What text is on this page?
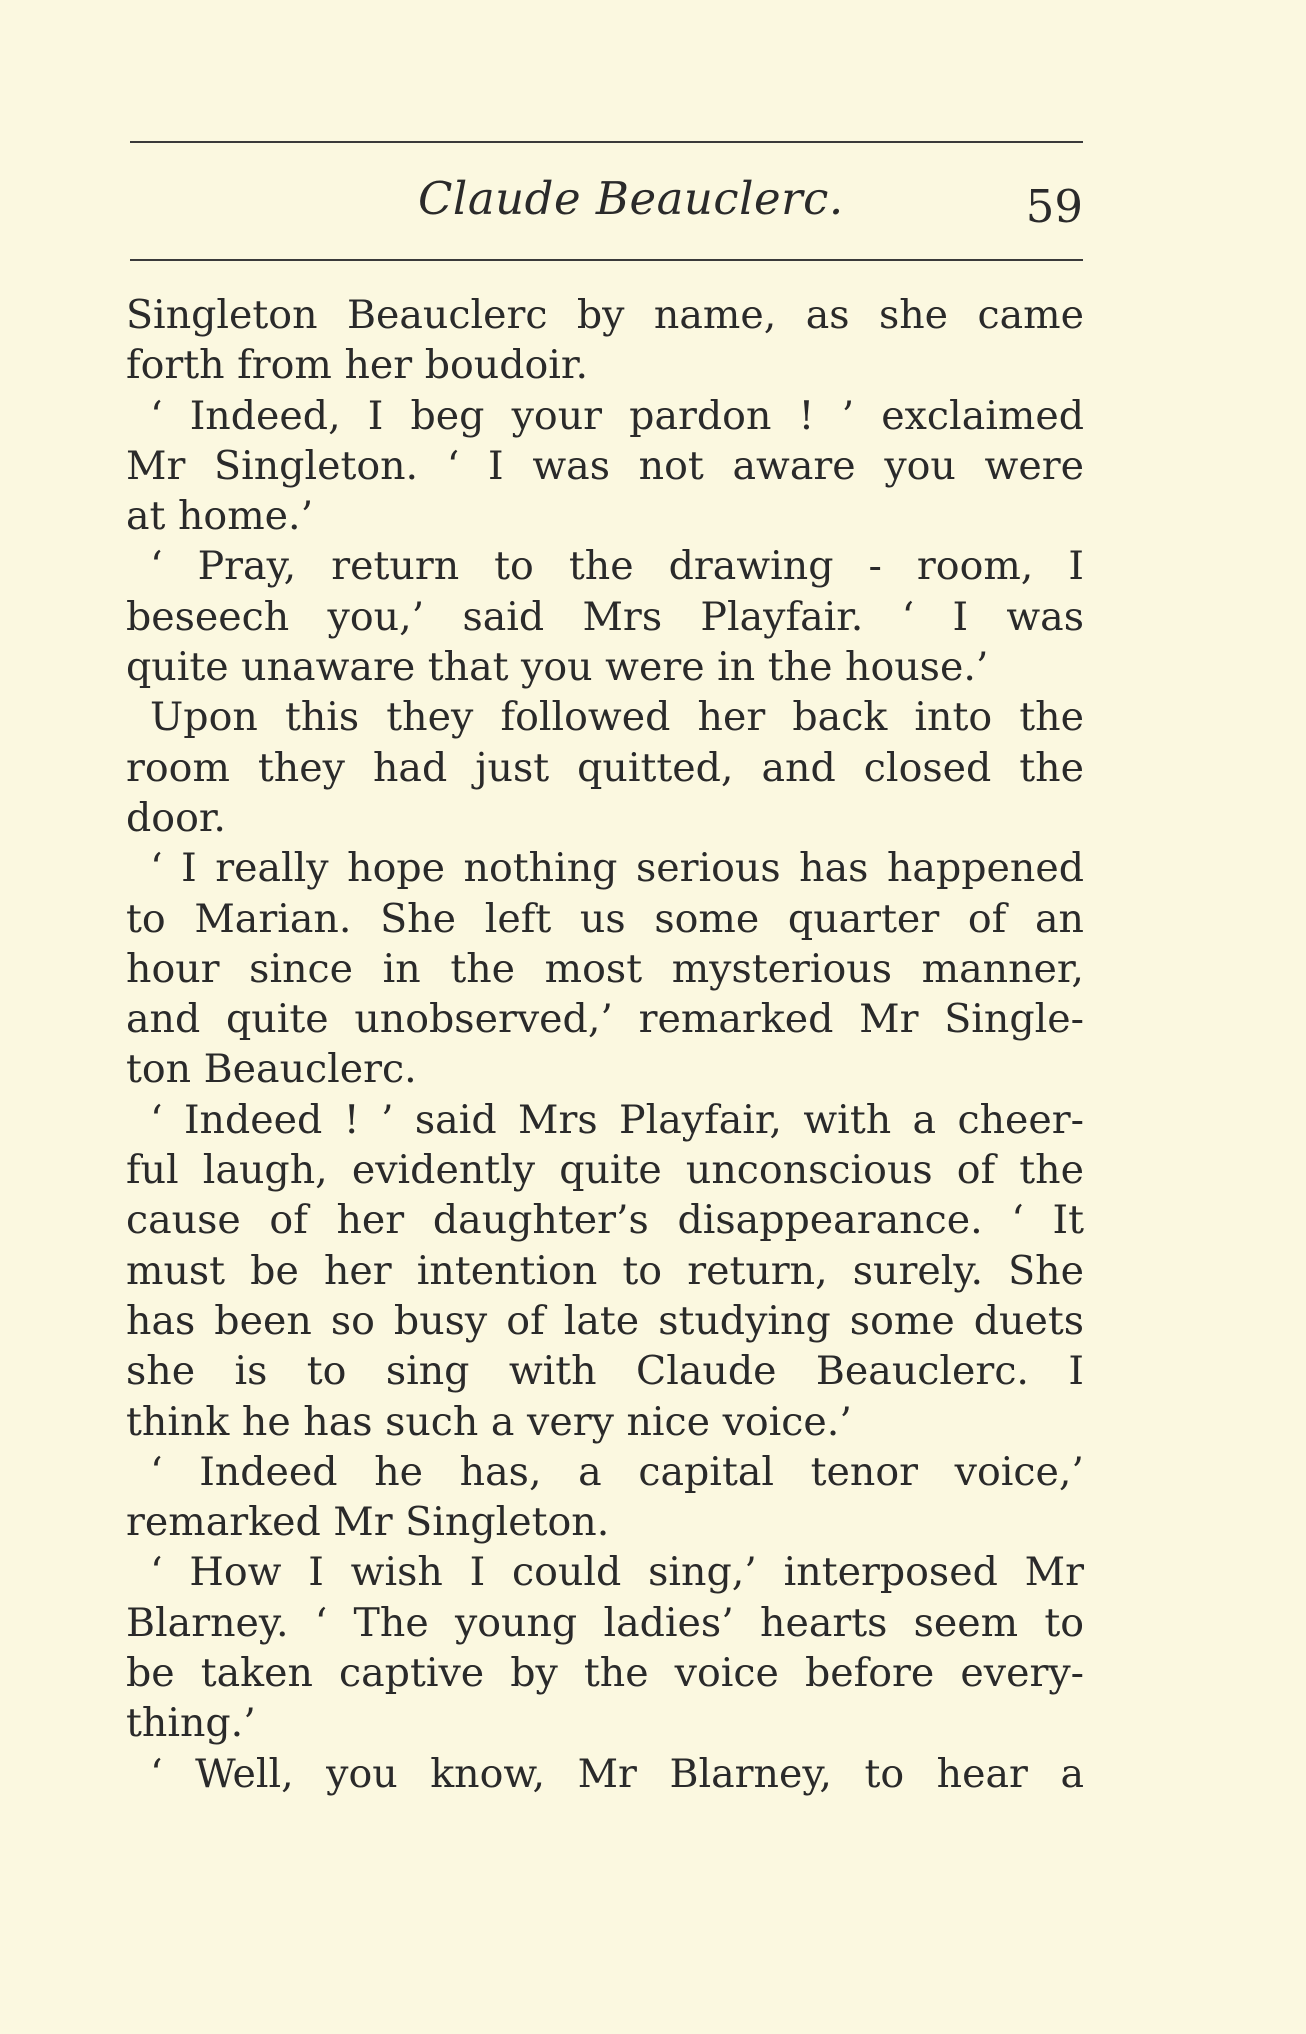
Claude Beauclerc.	59
Singleton Beauclerc by name, as she came
forth from her boudoir.
‘ Indeed, I beg your pardon ! ’ exclaimed
Mr Singleton. ‘ I was not aware you were
at home.’
‘ Pray, return to the drawing - room, I
beseech you,’ said Mrs Playfair. ‘ I was
quite unaware that you were in the house.’
Upon this they followed her back into the
room they had just quitted, and closed the
door.
‘ I really hope nothing serious has happened
to Marian. She left us some quarter of an
hour since in the most mysterious manner,
and quite unobserved,’ remarked Mr Single-
ton Beauclerc.
‘ Indeed ! ’ said Mrs Playfair, with a cheer-
ful laugh, evidently quite unconscious of the
cause of her daughter’s disappearance. ‘ It
must be her intention to return, surely. She
has been so busy of late studying some duets
she is to sing with Claude Beauclerc. I
think he has such a very nice voice.’
‘ Indeed he has, a capital tenor voice,’
remarked Mr Singleton.
‘ How I wish I could sing,’ interposed Mr
Blarney. ‘ The young ladies’ hearts seem to
be taken captive by the voice before every-
thing.’
‘ Well, you know, Mr Blarney, to hear a
